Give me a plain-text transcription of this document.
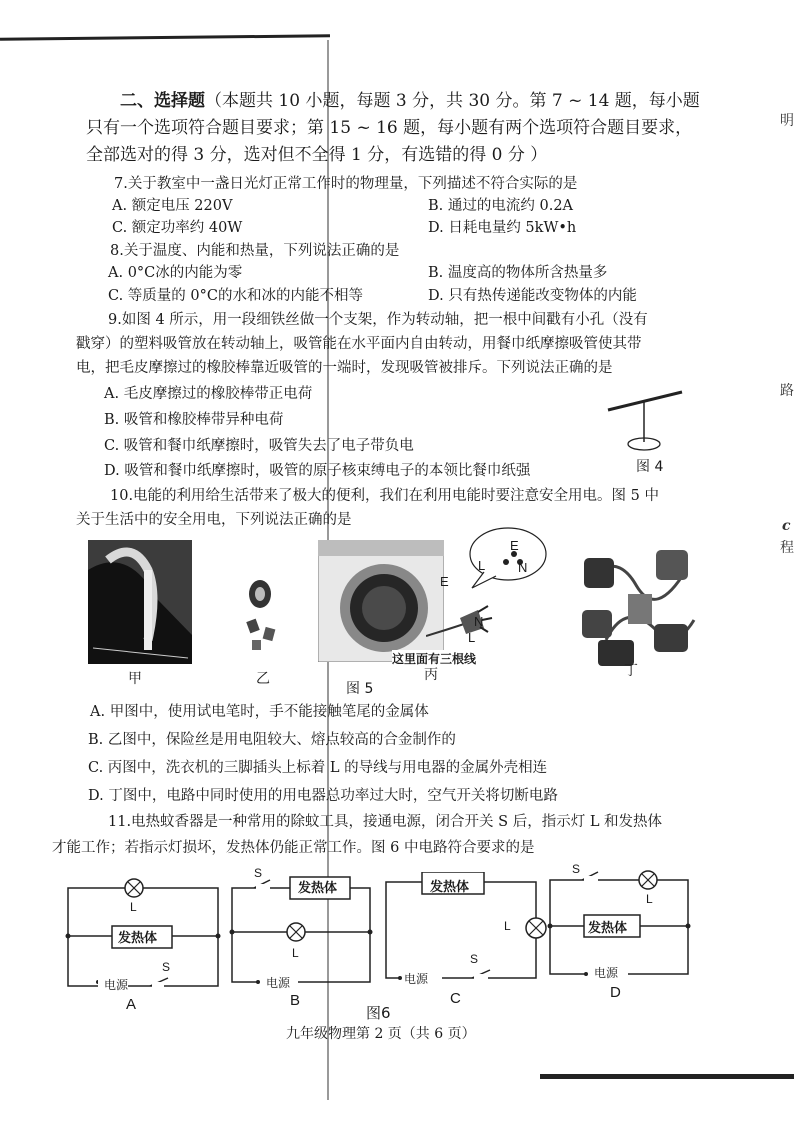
明
路
c
程
二、选择题（本题共 10 小题，每题 3 分，共 30 分。第 7 ~ 14 题，每小题
只有一个选项符合题目要求；第 15 ~ 16 题，每小题有两个选项符合题目要求，
全部选对的得 3 分，选对但不全得 1 分，有选错的得 0 分 ）
7.关于教室中一盏日光灯正常工作时的物理量，下列描述不符合实际的是
A. 额定电压 220V	B. 通过的电流约 0.2A
C. 额定功率约 40W	D. 日耗电量约 5kW•h
8.关于温度、内能和热量，下列说法正确的是
A. 0°C冰的内能为零	B. 温度高的物体所含热量多
C. 等质量的 0°C的水和冰的内能不相等	D. 只有热传递能改变物体的内能
9.如图 4 所示，用一段细铁丝做一个支架，作为转动轴，把一根中间戳有小孔（没有
戳穿）的塑料吸管放在转动轴上，吸管能在水平面内自由转动，用餐巾纸摩擦吸管使其带
电，把毛皮摩擦过的橡胶棒靠近吸管的一端时，发现吸管被排斥。下列说法正确的是
A. 毛皮摩擦过的橡胶棒带正电荷
B. 吸管和橡胶棒带异种电荷
C. 吸管和餐巾纸摩擦时，吸管失去了电子带负电
D. 吸管和餐巾纸摩擦时，吸管的原子核束缚电子的本领比餐巾纸强	图 4
10.电能的利用给生活带来了极大的便利，我们在利用电能时要注意安全用电。图 5 中
关于生活中的安全用电，下列说法正确的是
甲	乙
这里面有三根线
丙
E
N
L
L
E
N
丁
图 5
A. 甲图中，使用试电笔时，手不能接触笔尾的金属体
B. 乙图中，保险丝是用电阻较大、熔点较高的合金制作的
C. 丙图中，洗衣机的三脚插头上标着 L 的导线与用电器的金属外壳相连
D. 丁图中，电路中同时使用的用电器总功率过大时，空气开关将切断电路
11.电热蚊香器是一种常用的除蚊工具，接通电源，闭合开关 S 后，指示灯 L 和发热体
才能工作；若指示灯损坏，发热体仍能正常工作。图 6 中电路符合要求的是
L
发热体
电源
S
A
S
发热体
L
电源
B
发热体
L
电源
S
C
S
L
发热体
电源
D
图6
九年级物理第 2 页（共 6 页）
